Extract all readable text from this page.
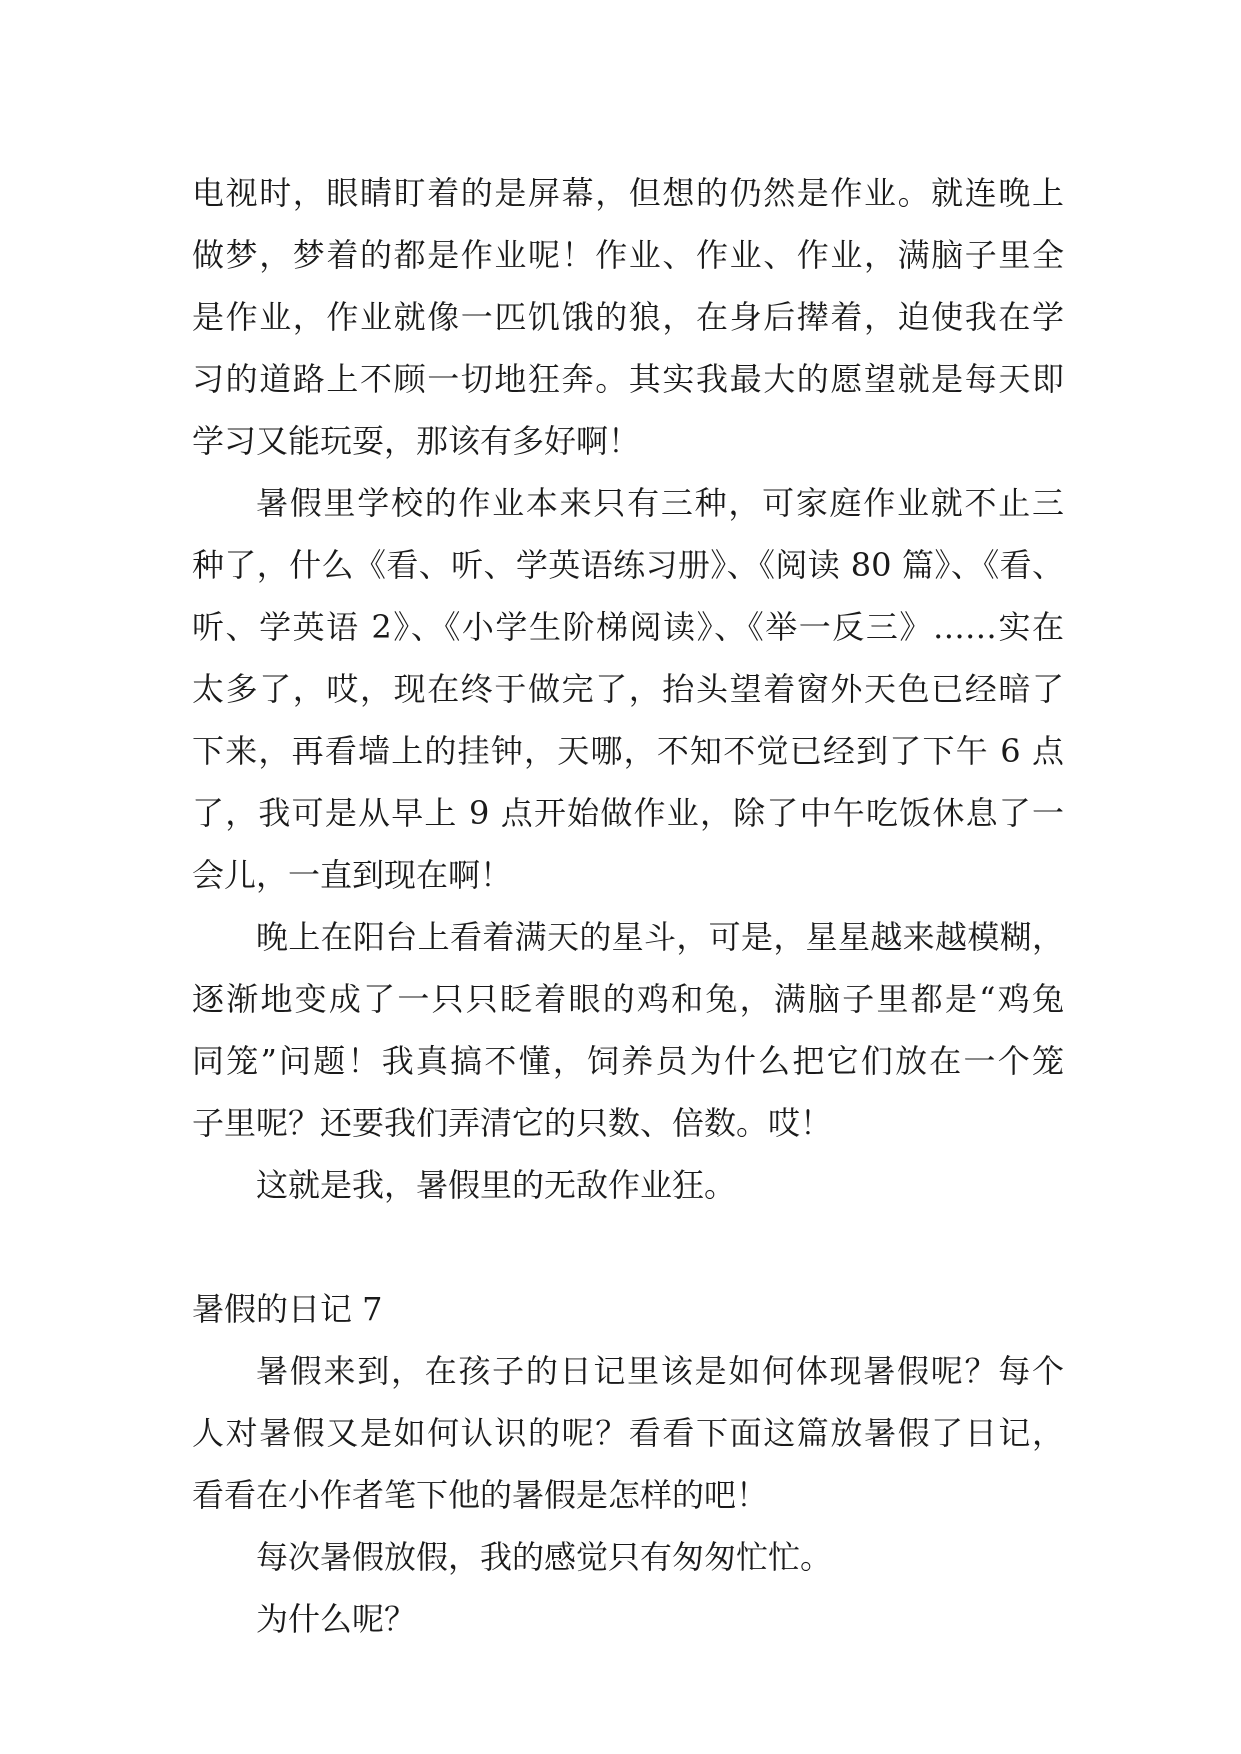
电视时，眼睛盯着的是屏幕，但想的仍然是作业。就连晚上
做梦，梦着的都是作业呢！作业、作业、作业，满脑子里全
是作业，作业就像一匹饥饿的狼，在身后撵着，迫使我在学
习的道路上不顾一切地狂奔。其实我最大的愿望就是每天即
学习又能玩耍，那该有多好啊！
暑假里学校的作业本来只有三种，可家庭作业就不止三
种了，什么《看、听、学英语练习册》、《阅读 80 篇》、《看、
听、学英语 2》、《小学生阶梯阅读》、《举一反三》……实在
太多了，哎，现在终于做完了，抬头望着窗外天色已经暗了
下来，再看墙上的挂钟，天哪，不知不觉已经到了下午 6 点
了，我可是从早上 9 点开始做作业，除了中午吃饭休息了一
会儿，一直到现在啊！
晚上在阳台上看着满天的星斗，可是，星星越来越模糊，
逐渐地变成了一只只眨着眼的鸡和兔，满脑子里都是“鸡兔
同笼”问题！我真搞不懂，饲养员为什么把它们放在一个笼
子里呢？还要我们弄清它的只数、倍数。哎！
这就是我，暑假里的无敌作业狂。
暑假的日记 7
暑假来到，在孩子的日记里该是如何体现暑假呢？每个
人对暑假又是如何认识的呢？看看下面这篇放暑假了日记，
看看在小作者笔下他的暑假是怎样的吧！
每次暑假放假，我的感觉只有匆匆忙忙。
为什么呢？
